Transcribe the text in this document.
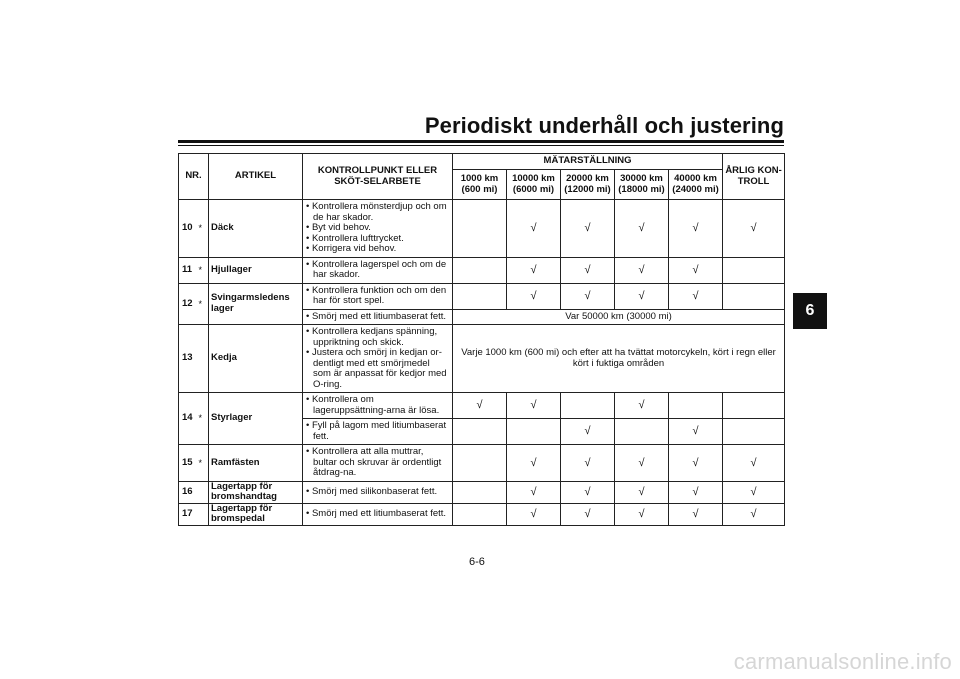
Periodiskt underhåll och justering
NR.		ARTIKEL	KONTROLLPUNKT ELLER SKÖT-SELARBETE	MÄTARSTÄLLNING					ÅRLIG KON-TROLL
				1000 km (600 mi)	10000 km (6000 mi)	20000 km (12000 mi)	30000 km (18000 mi)	40000 km (24000 mi)	
10	*	Däck	• Kontrollera mönsterdjup och om de har skador.
• Byt vid behov.
• Kontrollera lufttrycket.
• Korrigera vid behov.		√	√	√	√	√
11	*	Hjullager	• Kontrollera lagerspel och om de har skador.		√	√	√	√	
12	*	Svingarmsledens lager	• Kontrollera funktion och om den har för stort spel.		√	√	√	√	

			• Smörj med ett litiumbaserat fett.	Var 50000 km (30000 mi)					
13		Kedja	• Kontrollera kedjans spänning, uppriktning och skick.
• Justera och smörj in kedjan or-dentligt med ett smörjmedel som är anpassat för kedjor med O-ring.	Varje 1000 km (600 mi) och efter att ha tvättat motorcykeln, kört i regn eller kört i fuktiga områden					
14	*	Styrlager	• Kontrollera om lageruppsättning-arna är lösa.	√	√		√		

			• Fyll på lagom med litiumbaserat fett.			√		√	
15	*	Ramfästen	• Kontrollera att alla muttrar, bultar och skruvar är ordentligt åtdrag-na.		√	√	√	√	√
16		Lagertapp för bromshandtag	• Smörj med silikonbaserat fett.		√	√	√	√	√
17		Lagertapp för bromspedal	• Smörj med ett litiumbaserat fett.		√	√	√	√	√
6
6-6
carmanualsonline.info
